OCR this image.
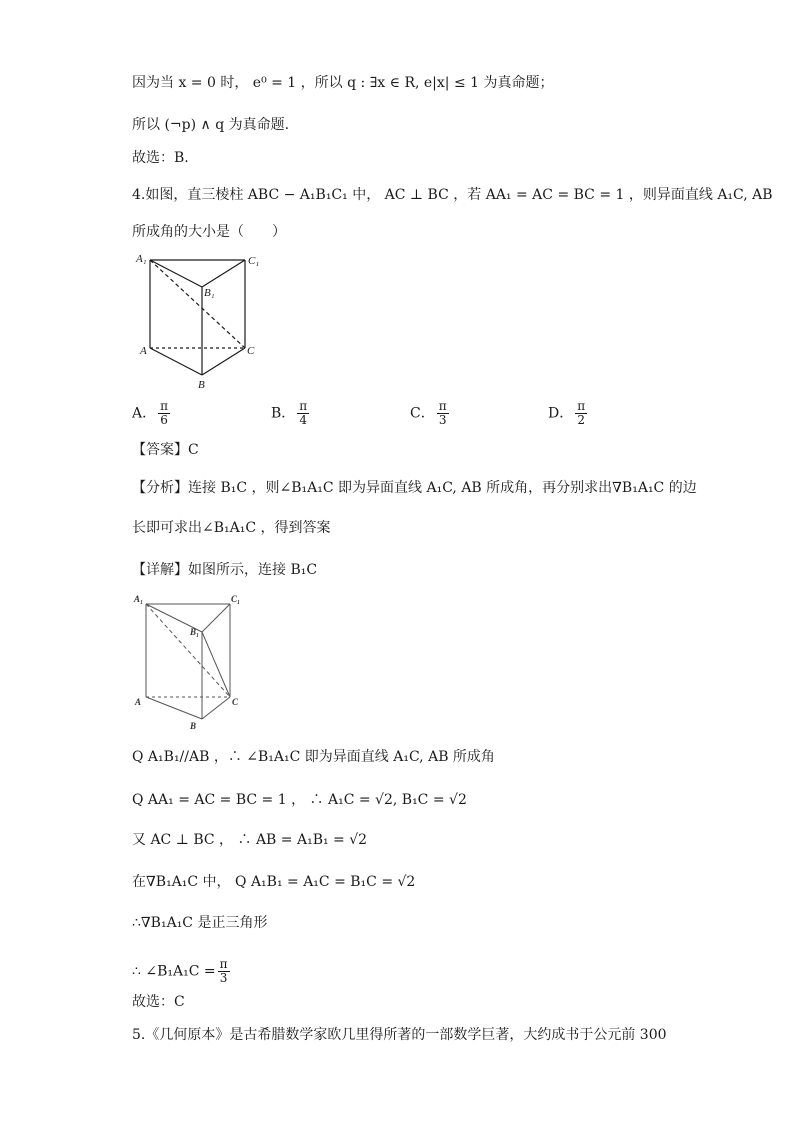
因为当 x = 0 时， e⁰ = 1 ，所以 q : ∃x ∈ R, e|x| ≤ 1 为真命题；
所以 (¬p) ∧ q 为真命题.
故选：B.
4.如图，直三棱柱 ABC − A₁B₁C₁ 中， AC ⊥ BC ，若 AA₁ = AC = BC = 1 ，则异面直线 A₁C, AB
所成角的大小是（　　）
A₁	C₁
B₁
A	C
B
A． $\frac{\pi}{6}$	B． $\frac{\pi}{4}$	C． $\frac{\pi}{3}$	D． $\frac{\pi}{2}$
【答案】C
【分析】连接 B₁C ，则∠B₁A₁C 即为异面直线 A₁C, AB 所成角，再分别求出∇B₁A₁C 的边
长即可求出∠B₁A₁C ，得到答案
【详解】如图所示，连接 B₁C
A₁	C₁
B₁
A	C
B
Q A₁B₁//AB ，∴ ∠B₁A₁C 即为异面直线 A₁C, AB 所成角
Q AA₁ = AC = BC = 1 ， ∴ A₁C = √2, B₁C = √2
又 AC ⊥ BC ， ∴ AB = A₁B₁ = √2
在∇B₁A₁C 中， Q A₁B₁ = A₁C = B₁C = √2
∴∇B₁A₁C 是正三角形
∴ ∠B₁A₁C = $\frac{\pi}{3}$
故选：C
5.《几何原本》是古希腊数学家欧几里得所著的一部数学巨著，大约成书于公元前 300
